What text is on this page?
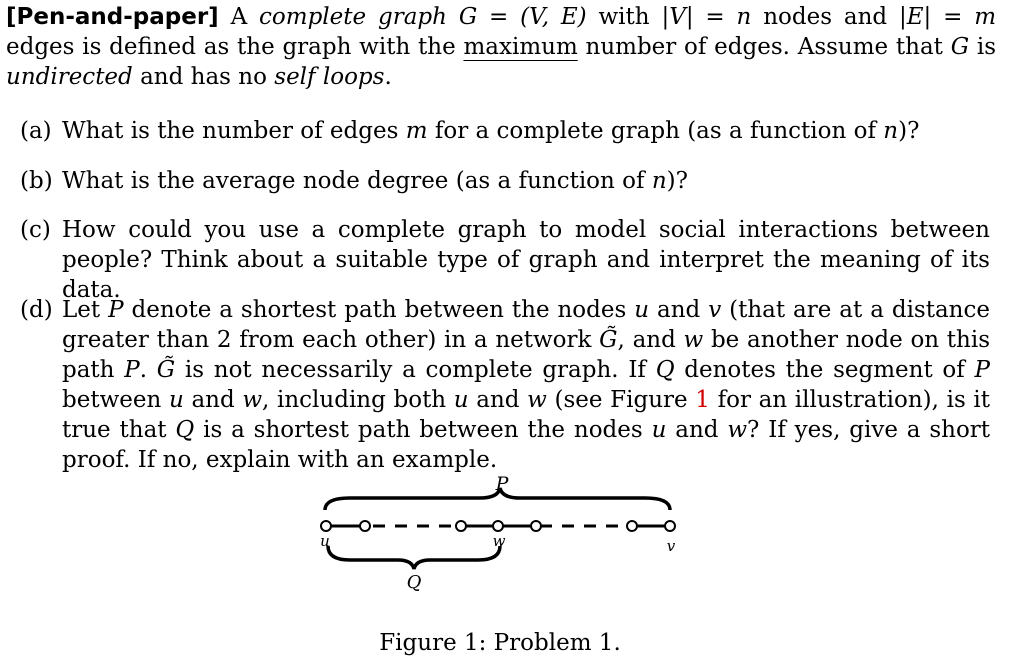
[Pen-and-paper] A complete graph G = (V, E) with |V| = n nodes and |E| = m edges is defined as the graph with the maximum number of edges. Assume that G is undirected and has no self loops.

(a) What is the number of edges m for a complete graph (as a function of n)?
(b) What is the average node degree (as a function of n)?
(c) How could you use a complete graph to model social interactions between people? Think about a suitable type of graph and interpret the meaning of its data.
(d) Let P denote a shortest path between the nodes u and v (that are at a distance greater than 2 from each other) in a network G̃, and w be another node on this path P. G̃ is not necessarily a complete graph. If Q denotes the segment of P between u and w, including both u and w (see Figure 1 for an illustration), is it true that Q is a shortest path between the nodes u and w? If yes, give a short proof. If no, explain with an example.
P
u	w	v
Q
Figure 1: Problem 1.
